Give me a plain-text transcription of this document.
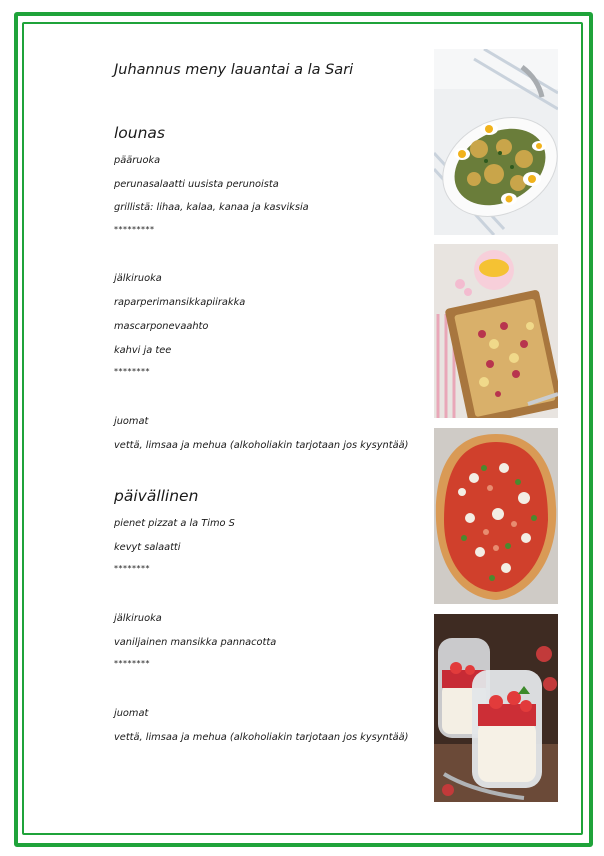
Juhannus meny lauantai a la Sari
lounas
pääruoka
perunasalaatti uusista perunoista
grillistä: lihaa, kalaa, kanaa ja kasviksia
*********
jälkiruoka
raparperimansikkapiirakka
mascarponevaahto
kahvi ja tee
********
juomat
vettä, limsaa ja mehua (alkoholiakin tarjotaan jos kysyntää)
päivällinen
pienet pizzat a la Timo S
kevyt salaatti
********
jälkiruoka
vaniljainen mansikka pannacotta
********
juomat
vettä, limsaa ja mehua (alkoholiakin tarjotaan jos kysyntää)
